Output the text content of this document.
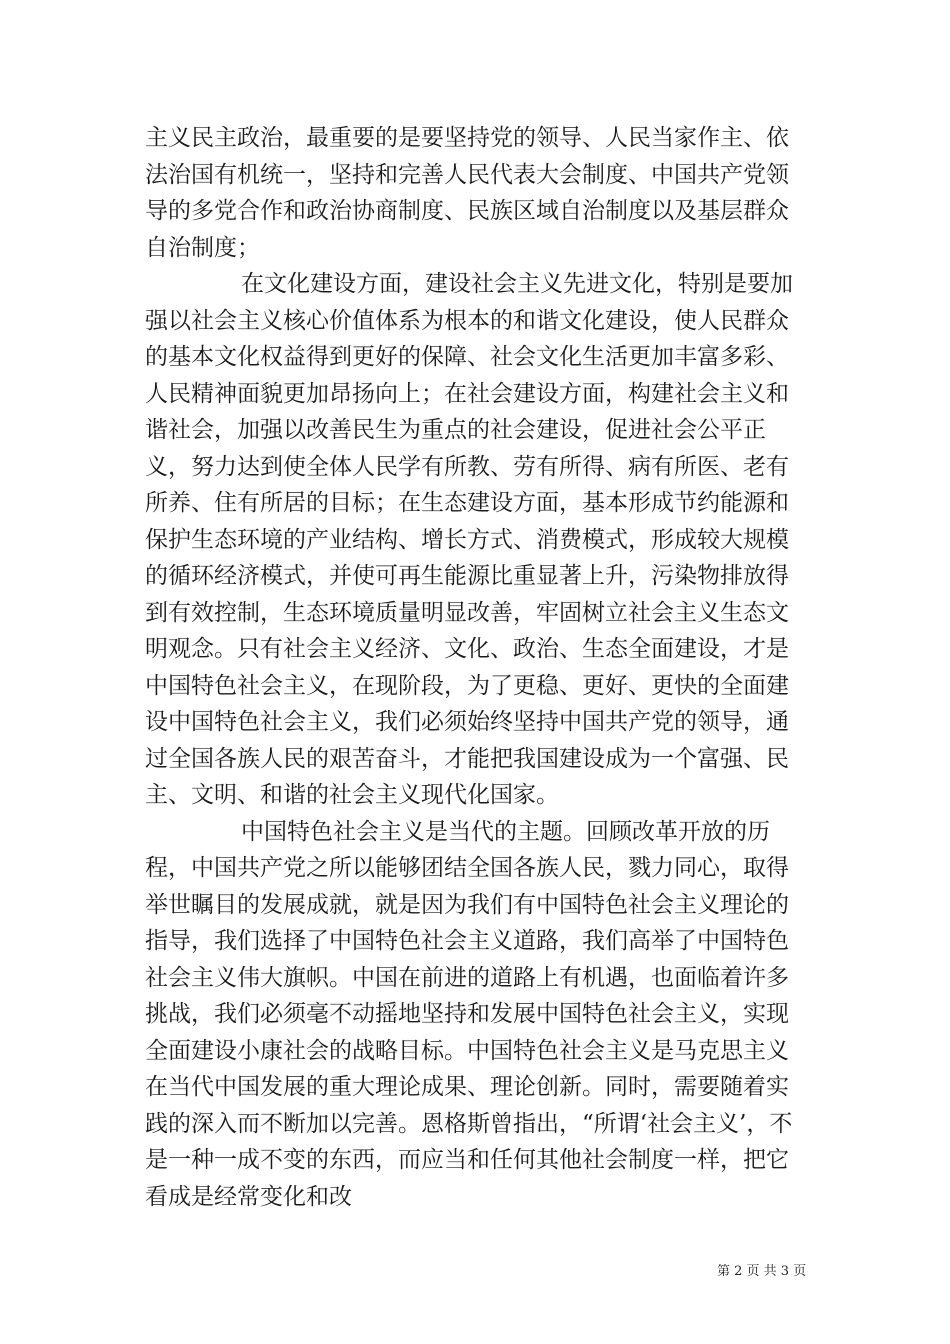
主义民主政治，最重要的是要坚持党的领导、人民当家作主、依法治国有机统一，坚持和完善人民代表大会制度、中国共产党领导的多党合作和政治协商制度、民族区域自治制度以及基层群众自治制度；

在文化建设方面，建设社会主义先进文化，特别是要加强以社会主义核心价值体系为根本的和谐文化建设，使人民群众的基本文化权益得到更好的保障、社会文化生活更加丰富多彩、人民精神面貌更加昂扬向上；在社会建设方面，构建社会主义和谐社会，加强以改善民生为重点的社会建设，促进社会公平正义，努力达到使全体人民学有所教、劳有所得、病有所医、老有所养、住有所居的目标；在生态建设方面，基本形成节约能源和保护生态环境的产业结构、增长方式、消费模式，形成较大规模的循环经济模式，并使可再生能源比重显著上升，污染物排放得到有效控制，生态环境质量明显改善，牢固树立社会主义生态文明观念。只有社会主义经济、文化、政治、生态全面建设，才是中国特色社会主义，在现阶段，为了更稳、更好、更快的全面建设中国特色社会主义，我们必须始终坚持中国共产党的领导，通过全国各族人民的艰苦奋斗，才能把我国建设成为一个富强、民主、文明、和谐的社会主义现代化国家。

中国特色社会主义是当代的主题。回顾改革开放的历程，中国共产党之所以能够团结全国各族人民，戮力同心，取得举世瞩目的发展成就，就是因为我们有中国特色社会主义理论的指导，我们选择了中国特色社会主义道路，我们高举了中国特色社会主义伟大旗帜。中国在前进的道路上有机遇，也面临着许多挑战，我们必须毫不动摇地坚持和发展中国特色社会主义，实现全面建设小康社会的战略目标。中国特色社会主义是马克思主义在当代中国发展的重大理论成果、理论创新。同时，需要随着实践的深入而不断加以完善。恩格斯曾指出，“所谓‘社会主义’，不是一种一成不变的东西，而应当和任何其他社会制度一样，把它看成是经常变化和改

第 2 页 共 3 页
